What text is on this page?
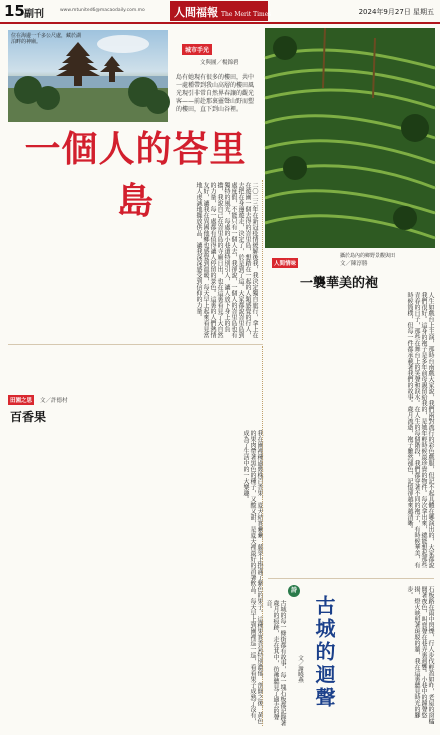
15 副刊	www.mtunited6@macaodaily.com.mo	人間福報 The Merit Times	2024年9月27日 星期五
位在海邊一千多公尺處，藏於湖泊畔的神廟。
城市手光
文與圖／楊錦碧
島有她現有很多的樓田，共中一處種帶到我山高層的樓田風光現引非常自然界春讓的觀光客——前赴那裏靈聲山野而塑的樓田，直下到山谷裡。
攝於島內的鄉野景觀與田
一個人的峇里島	二〇二三年在新冠疫情緩解後我，我決定獨自旅行，拿上在在遊園一個去得的峇里島，想踏在一起的人類感覺的行人，去把在身邊遊走，決定了，於是到了這。大家都說峇里島到處度假，不能只有一個人去，我卻說，一個人的峇里島也有獨特的風光，每處的小巷道特別引人，讓人放下身上的負擔，我說自己在峇里島的寺廟日出，也在這裏看見了大自然的力量，每一處都有值得讓人停留的景色。這裏的人們熱情友好，讓我在異國他鄉也感覺到溫暖，每天早上起來看見當地人虔誠地擺放供品，讓我深深感受到信仰的力量。	人間情味	文／陳淳勝
一襲華美的袍
人生如戲台上主演，那時台南戲大家說，我們兩對流行的彩色戲服，但記不起具體在哪演出的，大家都說我們很好。這身的袍子是多年前母親留給我的，是她年輕時候最珍貴的物件。每次拿出來，總能想起那些青春的日子，那些在舞台上的笑聲和淚水。在人生的每個階段，我們都穿著不同的袍子，有時候華美，有時候簡樸，但每一件都承載著我們的故事。歲月流逝，袍子雖然褪色，記憶卻越來越清晰。
田園之思	文／許德村
百香果
我在園裡種過幾株百香果，夏天結實纍纍，藤架上掛滿了紫色的果子。這種果實香氣特別濃郁，剖開之後，黃色的果肉帶著黑色的種子，又酸又甜，是夏天裡最好的消暑飲品。每天早上到園裡巡一巡，看看果子成熟了沒有，成為了生活中的一大樂趣。
詩
古城的迴聲
文／謝曉燕	石板路在雨中閃爍，行人步伐輕盈如昨，老屋的窗櫺開著夜色，叫賣聲在巷弄裏迴響。小巷中的鐘聲悠揚，燈火映照著斑駁的牆，我在這裏聽見時光的腳步。
古城的每一條街都有故事，每一塊石板都記錄著歲月的痕跡，走在其中，彷彿聽見了過去的聲音。
